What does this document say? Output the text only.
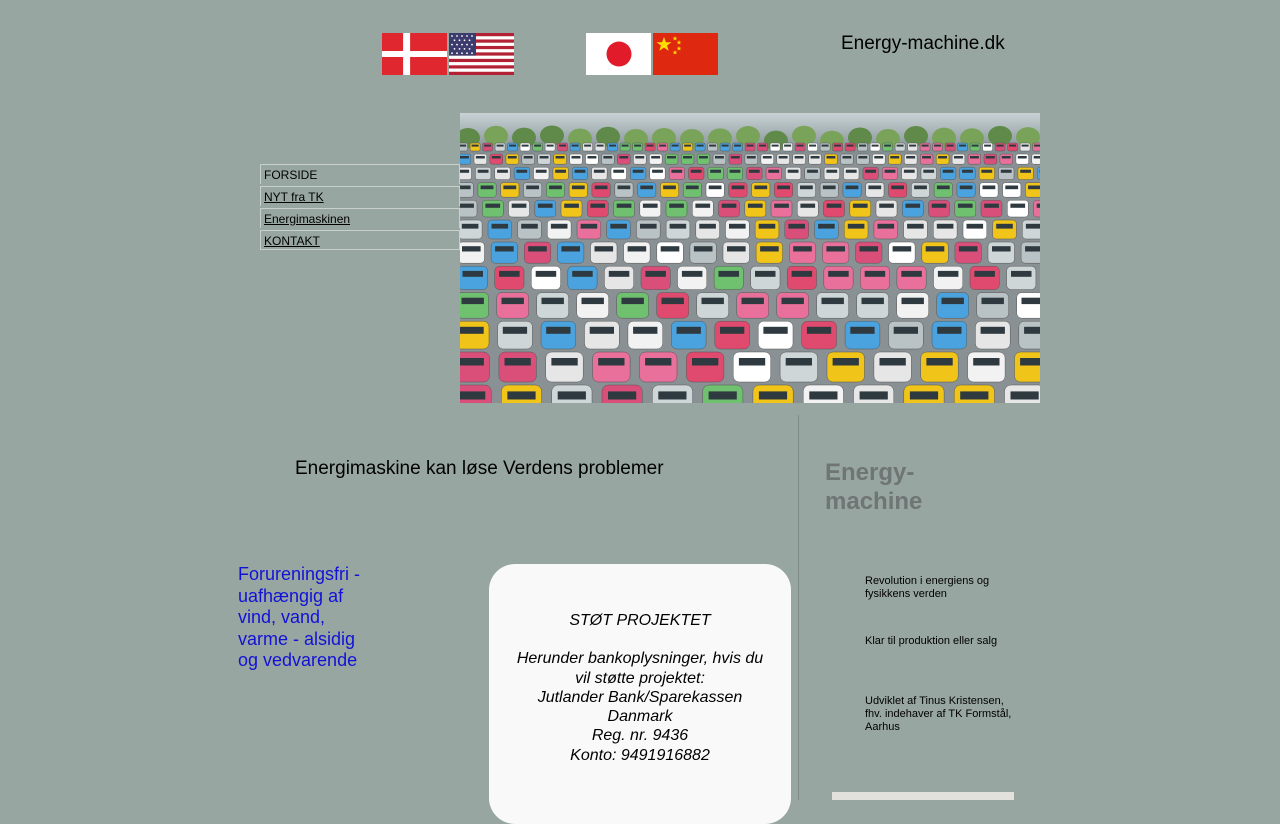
Energy-machine.dk
FORSIDE
NYT fra TK
Energimaskinen
KONTAKT
Energimaskine kan løse Verdens problemer
Forureningsfri - uafhængig af vind, vand, varme - alsidig og vedvarende
STØT PROJEKTET
Herunder bankoplysninger, hvis du vil støtte projektet:
Jutlander Bank/Sparekassen Danmark
Reg. nr. 9436
Konto: 9491916882
Energy-machine
Revolution i energiens og fysikkens verden
Klar til produktion eller salg
Udviklet af Tinus Kristensen, fhv. indehaver af TK Formstål, Aarhus
